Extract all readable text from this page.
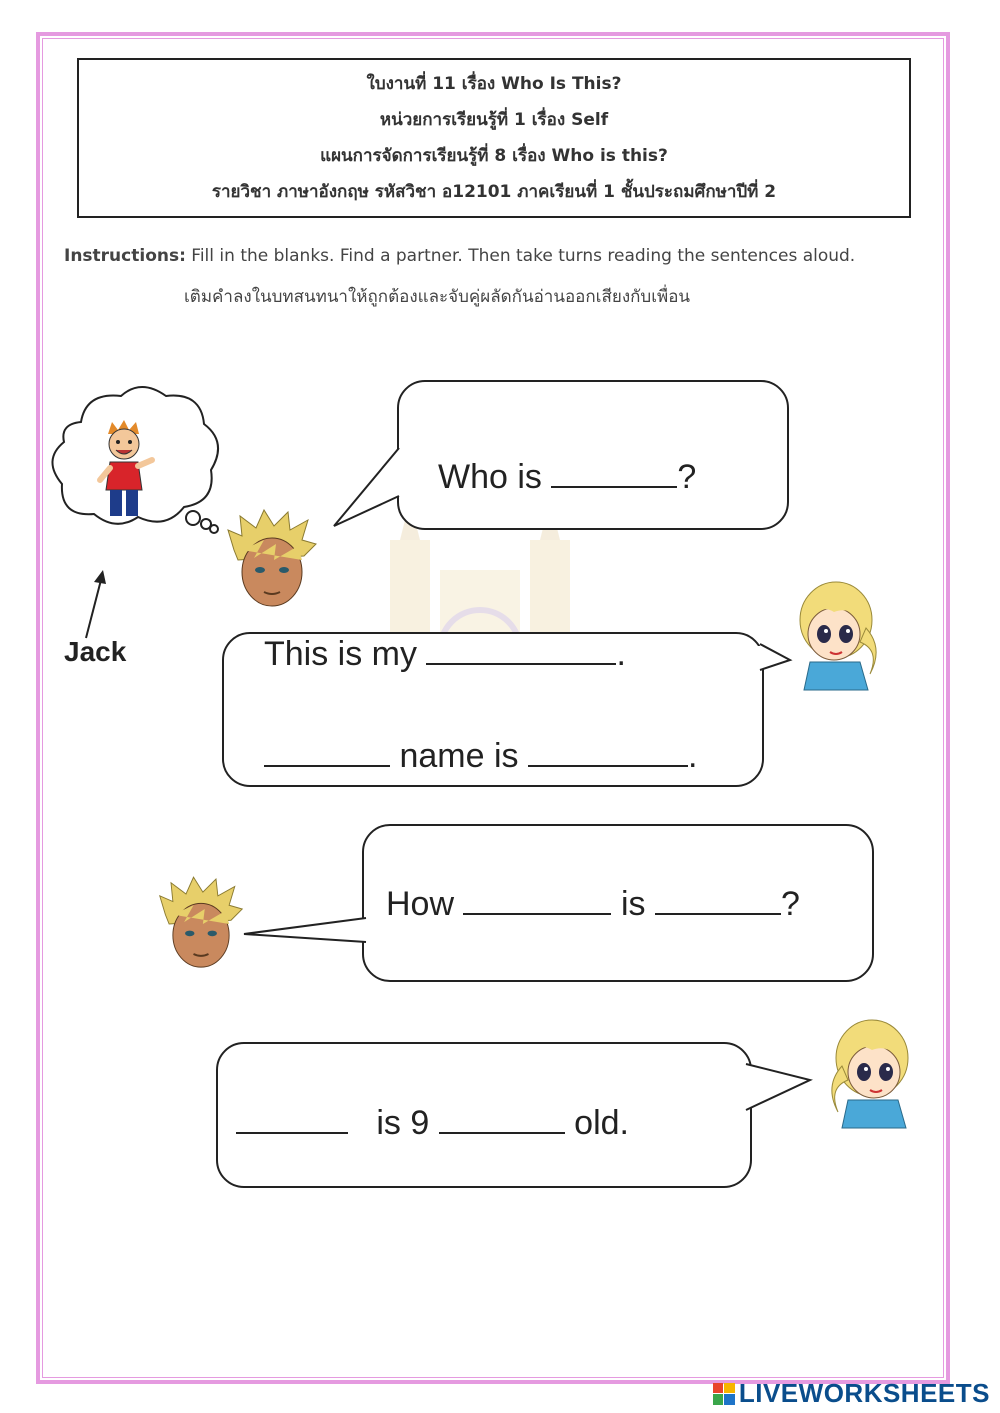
ใบงานที่ 11 เรื่อง Who Is This?
หน่วยการเรียนรู้ที่ 1 เรื่อง Self
แผนการจัดการเรียนรู้ที่ 8 เรื่อง Who is this?
รายวิชา ภาษาอังกฤษ รหัสวิชา อ12101 ภาคเรียนที่ 1 ชั้นประถมศึกษาปีที่ 2
Instructions: Fill in the blanks. Find a partner. Then take turns reading the sentences aloud.
เติมคำลงในบทสนทนาให้ถูกต้องและจับคู่ผลัดกันอ่านออกเสียงกับเพื่อน
Jack
Who is	?
This is my	.
name is	.
How	is	?
is 9	old.
LIVEWORKSHEETS
